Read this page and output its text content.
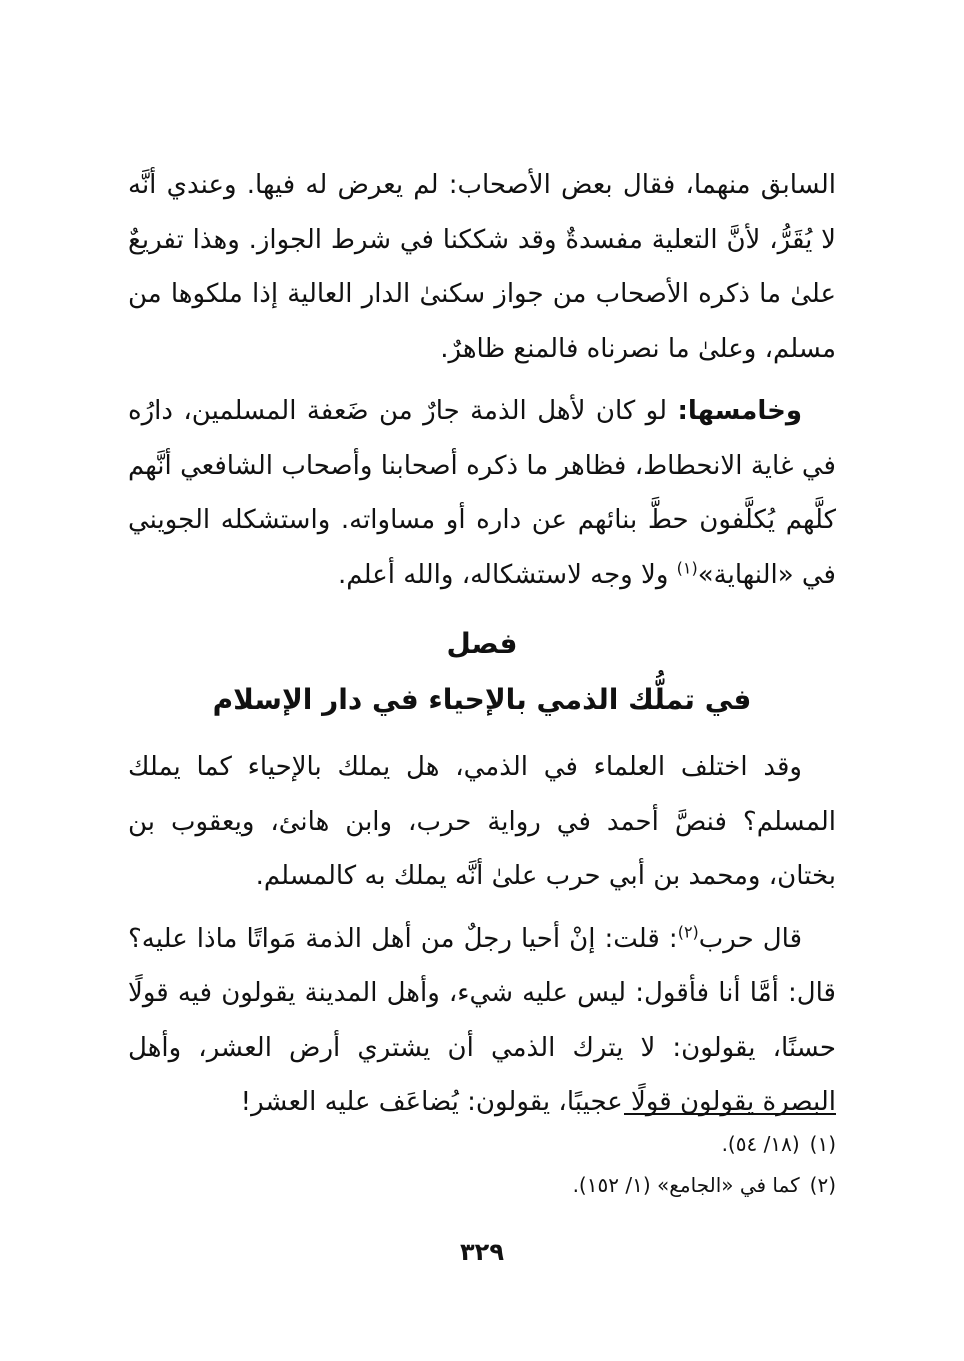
السابق منهما، فقال بعض الأصحاب: لم يعرض له فيها. وعندي أنَّه لا يُقَرُّ، لأنَّ التعلية مفسدةٌ وقد شككنا في شرط الجواز. وهذا تفريعٌ علىٰ ما ذكره الأصحاب من جواز سكنىٰ الدار العالية إذا ملكوها من مسلم، وعلىٰ ما نصرناه فالمنع ظاهرٌ.

وخامسها: لو كان لأهل الذمة جارٌ من ضَعفة المسلمين، دارُه في غاية الانحطاط، فظاهر ما ذكره أصحابنا وأصحاب الشافعي أنَّهم كلَّهم يُكلَّفون حطَّ بنائهم عن داره أو مساواته. واستشكله الجويني في «النهاية»$^{(١)}$ ولا وجه لاستشكاله، والله أعلم.

فصل
في تملُّك الذمي بالإحياء في دار الإسلام

وقد اختلف العلماء في الذمي، هل يملك بالإحياء كما يملك المسلم؟ فنصَّ أحمد في رواية حرب، وابن هانئ، ويعقوب بن بختان، ومحمد بن أبي حرب علىٰ أنَّه يملك به كالمسلم.

قال حرب$^{(٢)}$: قلت: إنْ أحيا رجلٌ من أهل الذمة مَواتًا ماذا عليه؟ قال: أمَّا أنا فأقول: ليس عليه شيء، وأهل المدينة يقولون فيه قولًا حسنًا، يقولون: لا يترك الذمي أن يشتري أرض العشر، وأهل البصرة يقولون قولًا عجيبًا، يقولون: يُضاعَف عليه العشر!

(١)(١٨/ ٥٤).
(٢)كما في «الجامع» (١/ ١٥٢).
٣٢٩
